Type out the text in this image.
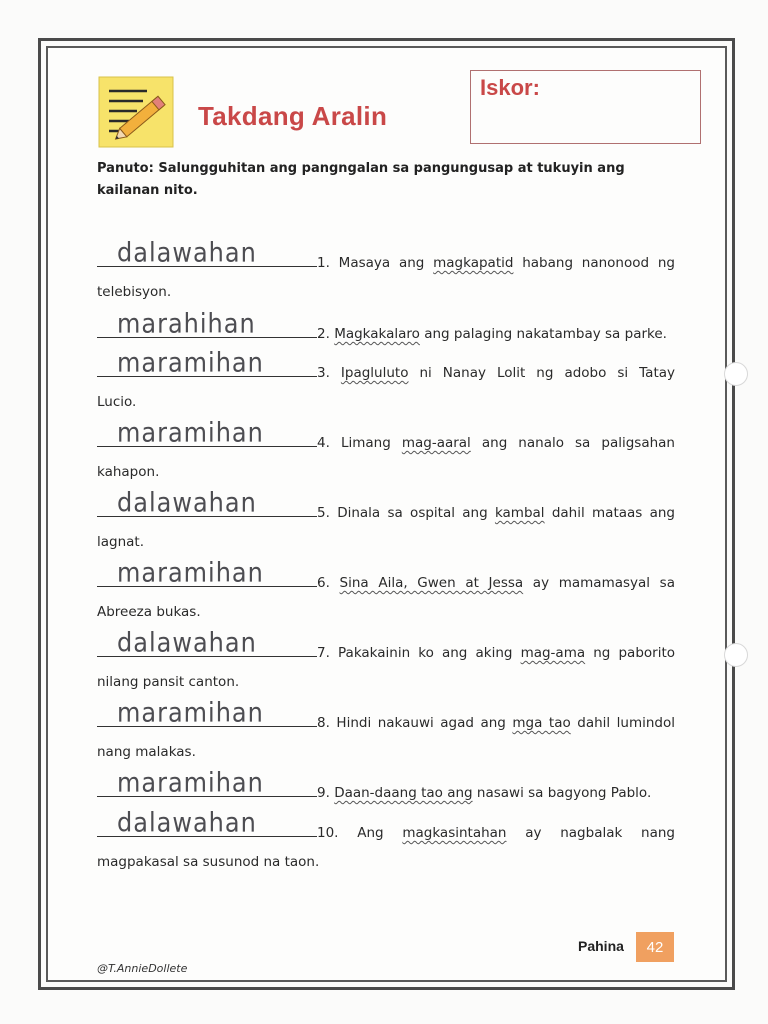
Takdang Aralin
Iskor:
Panuto: Salungguhitan ang pangngalan sa pangungusap at tukuyin ang kailanan nito.
dalawahan	1. Masaya ang magkapatid habang nanonood ng
telebisyon.
marahihan	2. Magkakalaro ang palaging nakatambay sa parke.
maramihan	3. Ipagluluto ni Nanay Lolit ng adobo si Tatay
Lucio.
maramihan	4. Limang mag-aaral ang nanalo sa paligsahan
kahapon.
dalawahan	5. Dinala sa ospital ang kambal dahil mataas ang
lagnat.
maramihan	6. Sina Aila, Gwen at Jessa ay mamamasyal sa
Abreeza bukas.
dalawahan	7. Pakakainin ko ang aking mag-ama ng paborito
nilang pansit canton.
maramihan	8. Hindi nakauwi agad ang mga tao dahil lumindol
nang malakas.
maramihan	9. Daan-daang tao ang nasawi sa bagyong Pablo.
dalawahan	10. Ang magkasintahan ay nagbalak nang
magpakasal sa susunod na taon.
Pahina	42
@T.AnnieDollete
